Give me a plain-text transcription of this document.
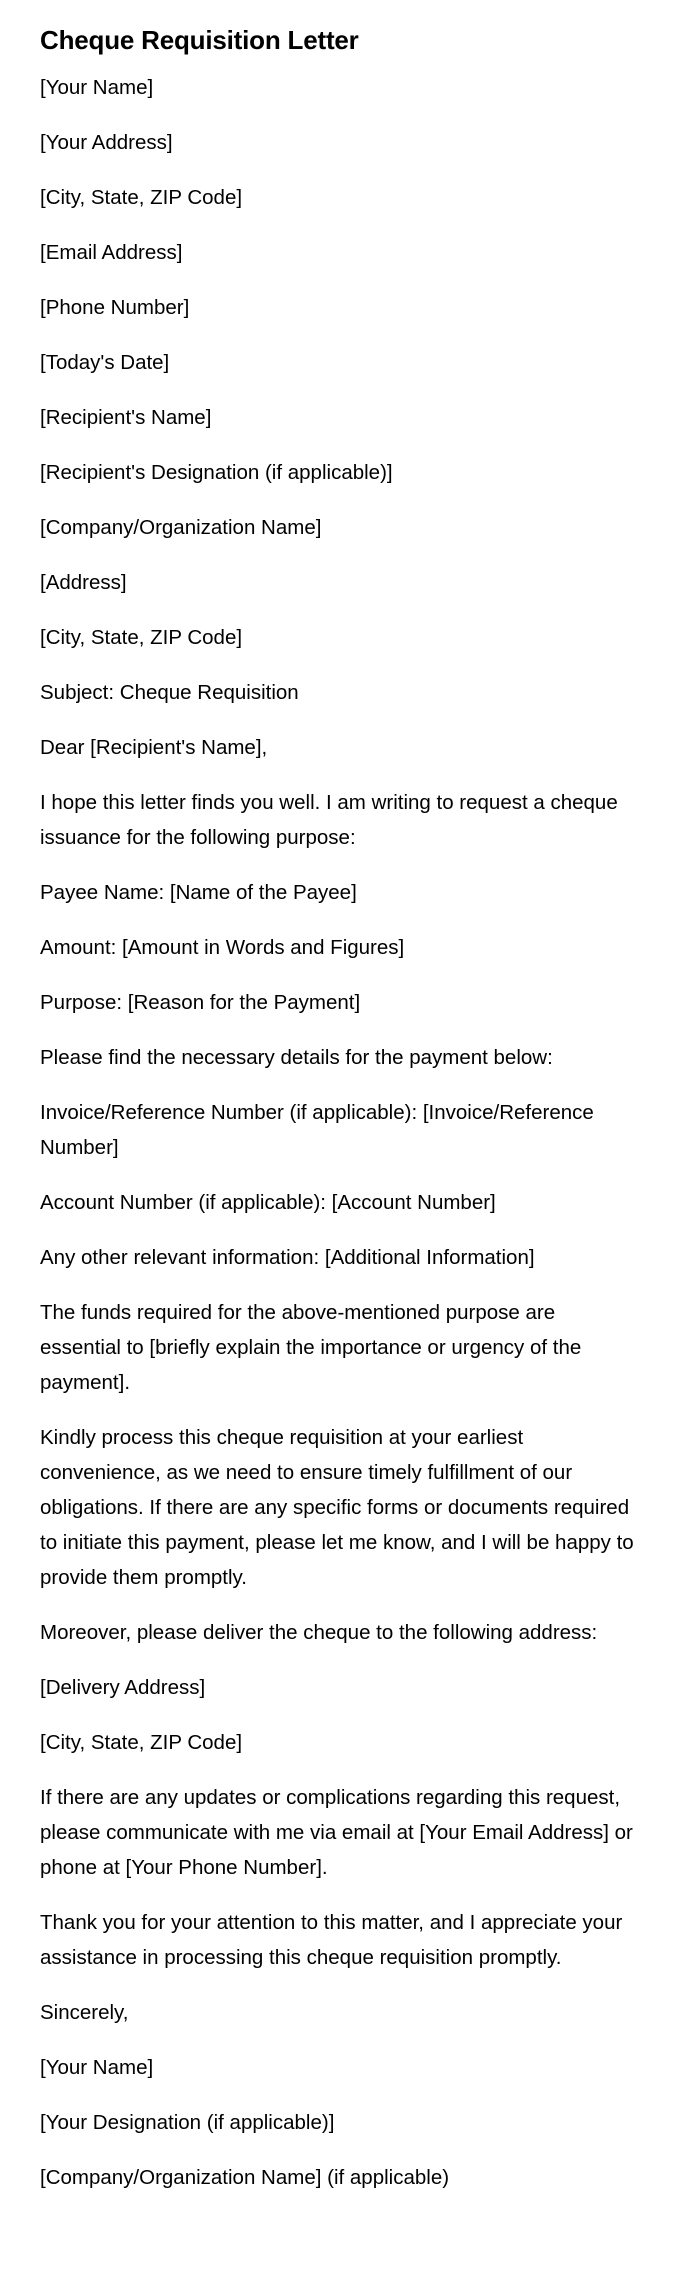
Cheque Requisition Letter

[Your Name]

[Your Address]

[City, State, ZIP Code]

[Email Address]

[Phone Number]

[Today's Date]

[Recipient's Name]

[Recipient's Designation (if applicable)]

[Company/Organization Name]

[Address]

[City, State, ZIP Code]

Subject: Cheque Requisition

Dear [Recipient's Name],

I hope this letter finds you well. I am writing to request a cheque issuance for the following purpose:

Payee Name: [Name of the Payee]

Amount: [Amount in Words and Figures]

Purpose: [Reason for the Payment]

Please find the necessary details for the payment below:

Invoice/Reference Number (if applicable): [Invoice/Reference Number]

Account Number (if applicable): [Account Number]

Any other relevant information: [Additional Information]

The funds required for the above-mentioned purpose are essential to [briefly explain the importance or urgency of the payment].

Kindly process this cheque requisition at your earliest convenience, as we need to ensure timely fulfillment of our obligations. If there are any specific forms or documents required to initiate this payment, please let me know, and I will be happy to provide them promptly.

Moreover, please deliver the cheque to the following address:

[Delivery Address]

[City, State, ZIP Code]

If there are any updates or complications regarding this request, please communicate with me via email at [Your Email Address] or phone at [Your Phone Number].

Thank you for your attention to this matter, and I appreciate your assistance in processing this cheque requisition promptly.

Sincerely,

[Your Name]

[Your Designation (if applicable)]

[Company/Organization Name] (if applicable)
